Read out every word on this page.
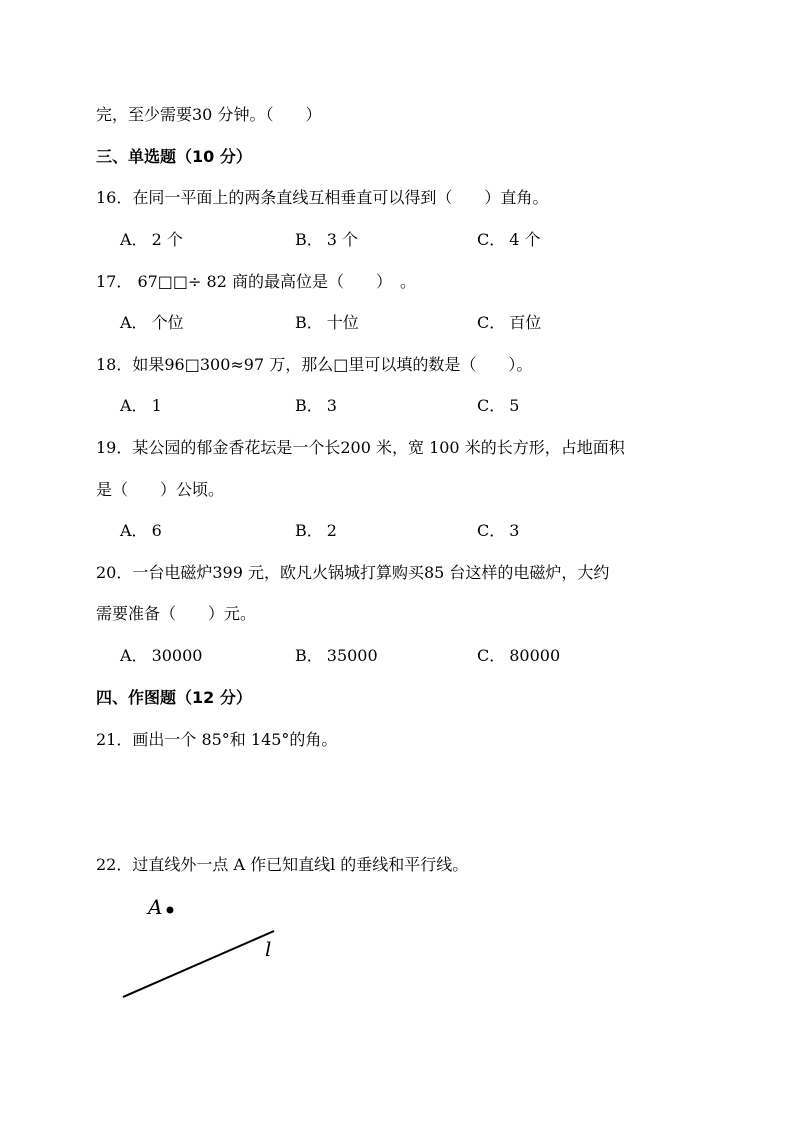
完，至少需要30 分钟。（　　）
三、单选题（10 分）
16．在同一平面上的两条直线互相垂直可以得到（　　）直角。
A． 2 个	B． 3 个	C． 4 个
17． 67□□÷ 82 商的最高位是（　　）　。
A． 个位	B． 十位	C． 百位
18．如果96□300≈97 万，那么□里可以填的数是（　　）。
A． 1	B． 3	C． 5
19．某公园的郁金香花坛是一个长200 米，宽 100 米的长方形，占地面积
是（　　）公顷。
A． 6	B． 2	C． 3
20．一台电磁炉399 元，欧凡火锅城打算购买85 台这样的电磁炉，大约
需要准备（　　）元。
A． 30000	B． 35000	C． 80000
四、作图题（12 分）
21．画出一个 85°和 145°的角。
22．过直线外一点 A 作已知直线l 的垂线和平行线。
A
l
